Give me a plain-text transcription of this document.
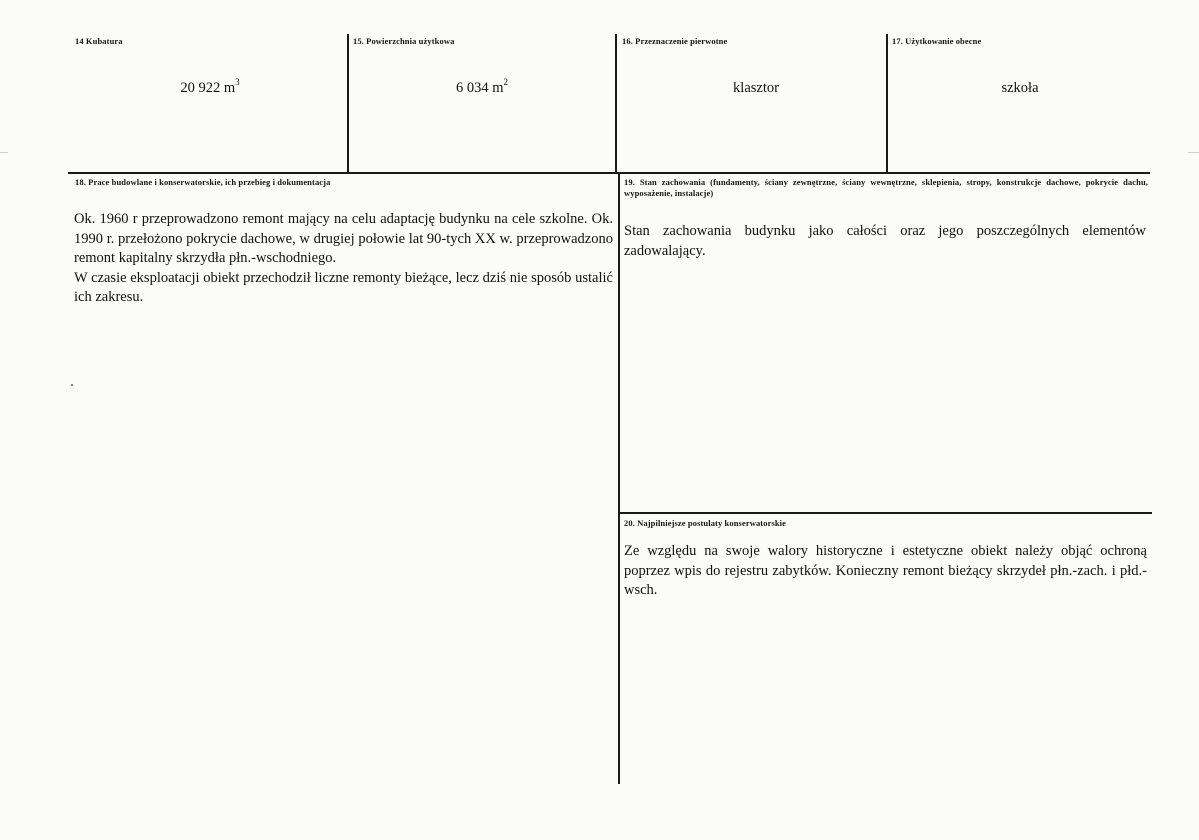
14 Kubatura
20 922 $m^3$
15. Powierzchnia użytkowa
6 034 $m^2$
16. Przeznaczenie pierwotne
klasztor
17. Użytkowanie obecne
szkoła
18. Prace budowlane i konserwatorskie, ich przebieg i dokumentacja

Ok. 1960 r przeprowadzono remont mający na celu adaptację budynku na cele szkolne. Ok. 1990 r. przełożono pokrycie dachowe, w drugiej połowie lat 90-tych XX w. przeprowadzono remont kapitalny skrzydła płn.-wschodniego.

W czasie eksploatacji obiekt przechodził liczne remonty bieżące, lecz dziś nie sposób ustalić ich zakresu.

19. Stan zachowania (fundamenty, ściany zewnętrzne, ściany wewnętrzne, sklepienia, stropy, konstrukcje dachowe, pokrycie dachu, wyposażenie, instalacje)
Stan zachowania budynku jako całości oraz jego poszczególnych elementów zadowalający.
20. Najpilniejsze postulaty konserwatorskie
Ze względu na swoje walory historyczne i estetyczne obiekt należy objąć ochroną poprzez wpis do rejestru zabytków. Konieczny remont bieżący skrzydeł płn.-zach. i płd.-wsch.
